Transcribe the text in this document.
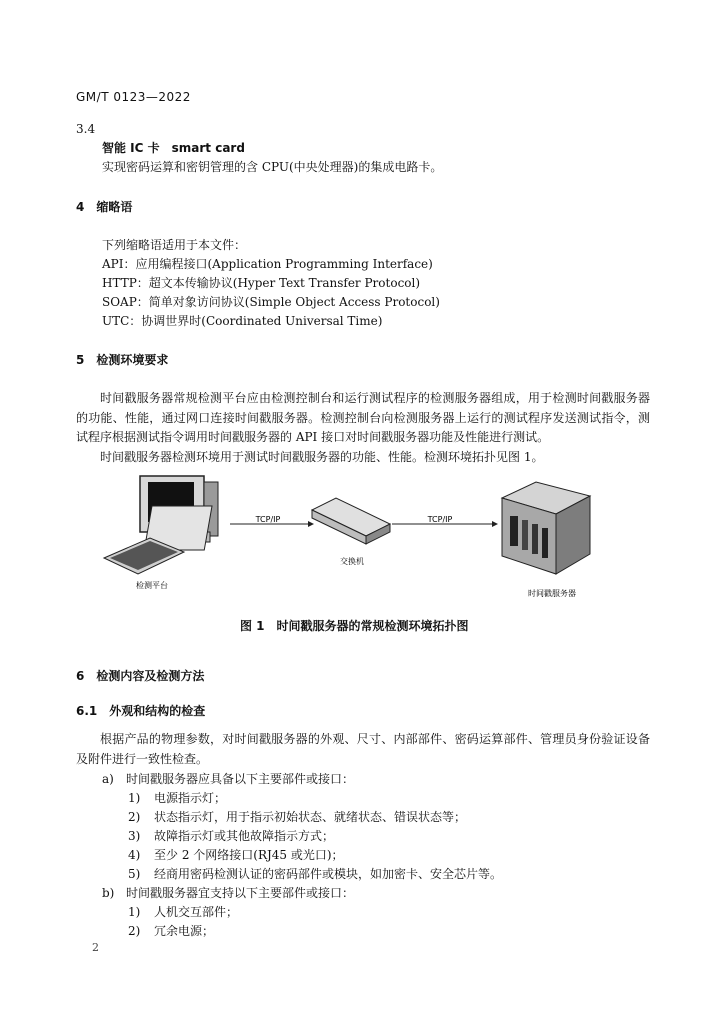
GM/T 0123—2022
3.4
智能 IC 卡　smart card
实现密码运算和密钥管理的含 CPU(中央处理器)的集成电路卡。
4　缩略语
下列缩略语适用于本文件：
API：应用编程接口(Application Programming Interface)
HTTP：超文本传输协议(Hyper Text Transfer Protocol)
SOAP：简单对象访问协议(Simple Object Access Protocol)
UTC：协调世界时(Coordinated Universal Time)
5　检测环境要求
时间戳服务器常规检测平台应由检测控制台和运行测试程序的检测服务器组成，用于检测时间戳服务器的功能、性能，通过网口连接时间戳服务器。检测控制台向检测服务器上运行的测试程序发送测试指令，测试程序根据测试指令调用时间戳服务器的 API 接口对时间戳服务器功能及性能进行测试。
时间戳服务器检测环境用于测试时间戳服务器的功能、性能。检测环境拓扑见图 1。
TCP/IP	TCP/IP
检测平台
交换机
时间戳服务器
图 1　时间戳服务器的常规检测环境拓扑图
6　检测内容及检测方法
6.1　外观和结构的检查
根据产品的物理参数，对时间戳服务器的外观、尺寸、内部部件、密码运算部件、管理员身份验证设备及附件进行一致性检查。
a) 时间戳服务器应具备以下主要部件或接口：
1) 电源指示灯；
2) 状态指示灯，用于指示初始状态、就绪状态、错误状态等；
3) 故障指示灯或其他故障指示方式；
4) 至少 2 个网络接口(RJ45 或光口)；
5) 经商用密码检测认证的密码部件或模块，如加密卡、安全芯片等。
b) 时间戳服务器宜支持以下主要部件或接口：
1) 人机交互部件；
2) 冗余电源；
2
